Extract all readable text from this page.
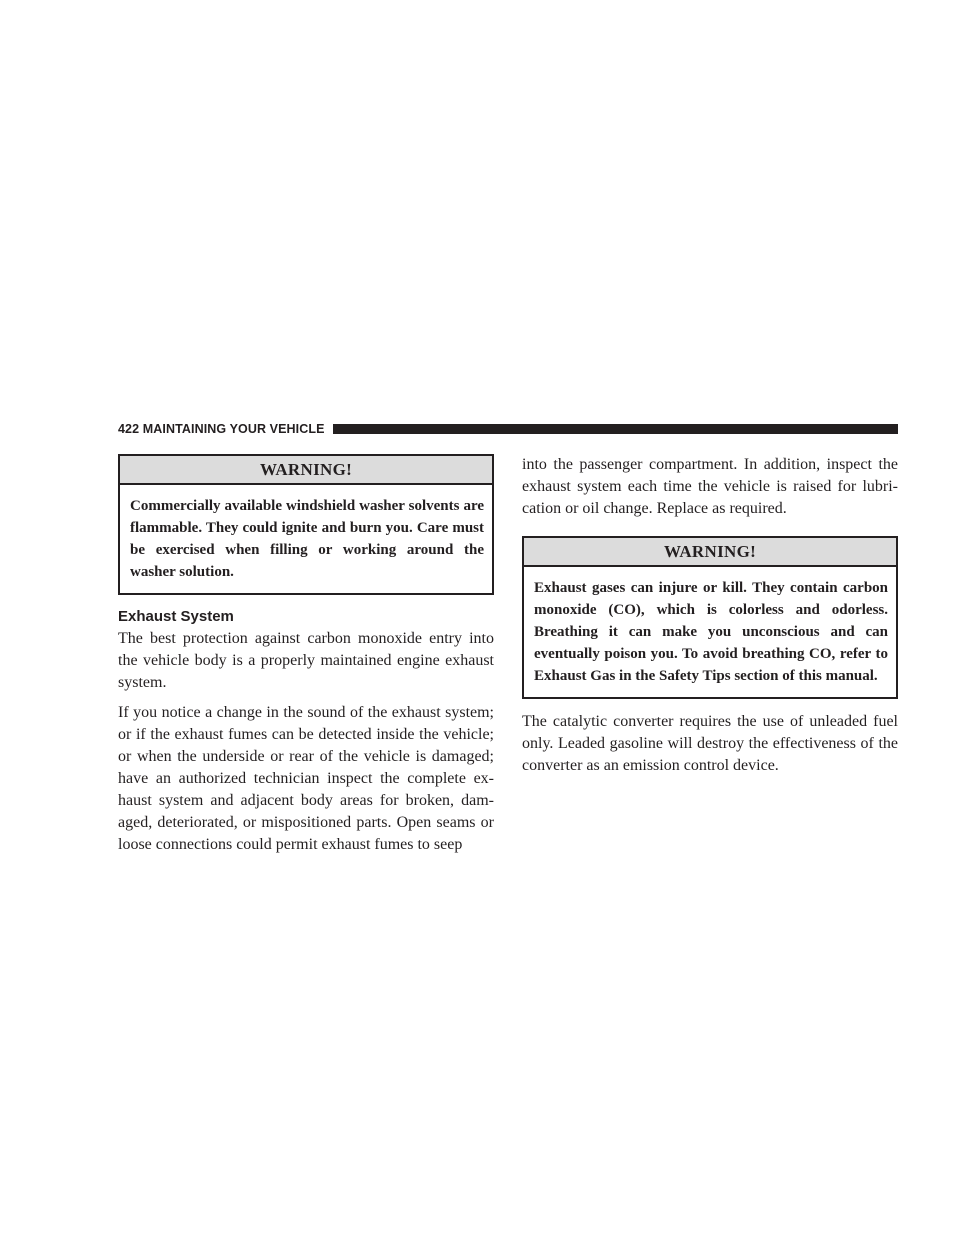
422 MAINTAINING YOUR VEHICLE
WARNING!
Commercially available windshield washer solvents are flammable. They could ignite and burn you. Care must be exercised when filling or working around the washer solution.
Exhaust System

The best protection against carbon monoxide entry into the vehicle body is a properly maintained engine exhaust system.

If you notice a change in the sound of the exhaust system; or if the exhaust fumes can be detected inside the vehicle; or when the underside or rear of the vehicle is damaged; have an authorized technician inspect the complete ex-haust system and adjacent body areas for broken, dam-aged, deteriorated, or mispositioned parts. Open seams or loose connections could permit exhaust fumes to seep

into the passenger compartment. In addition, inspect the exhaust system each time the vehicle is raised for lubri-cation or oil change. Replace as required.

WARNING!
Exhaust gases can injure or kill. They contain carbon monoxide (CO), which is colorless and odorless. Breathing it can make you unconscious and can eventually poison you. To avoid breathing CO, refer to Exhaust Gas in the Safety Tips section of this manual.

The catalytic converter requires the use of unleaded fuel only. Leaded gasoline will destroy the effectiveness of the converter as an emission control device.
